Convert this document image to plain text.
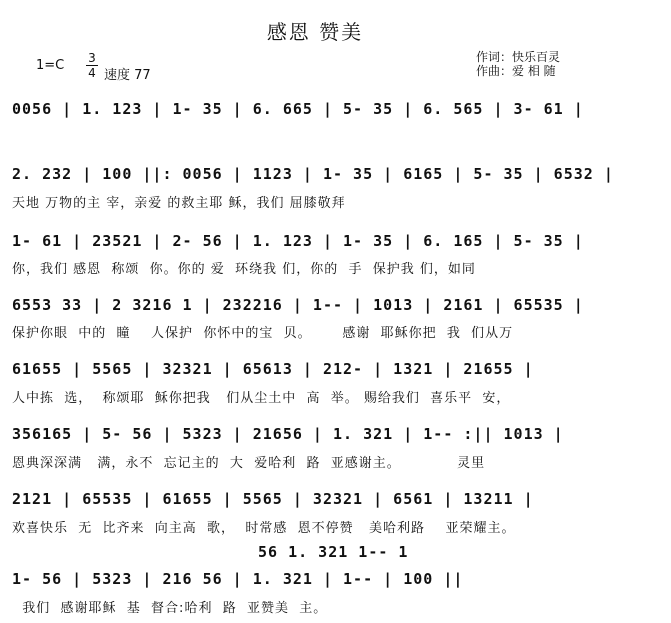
感恩 赞美
1=C 3
4 速度 77
作词：快乐百灵
作曲：爱 相 随
0056 | 1. 123 | 1- 35 | 6. 665 | 5- 35 | 6. 565 | 3- 61 |
2. 232 | 100 ||: 0056 | 1123 | 1- 35 | 6165 | 5- 35 | 6532 |
天地 万物的主 宰，亲爱 的救主耶 稣，我们 屈膝敬拜
1- 61 | 23521 | 2- 56 | 1. 123 | 1- 35 | 6. 165 | 5- 35 |
你，我们 感恩  称颂  你。你的 爱  环绕我 们，你的  手  保护我 们，如同
6553 33 | 2 3216 1 | 232216 | 1-- | 1013 | 2161 | 65535 |
保护你眼  中的  瞳    人保护  你怀中的宝  贝。      感谢  耶稣你把  我  们从万
61655 | 5565 | 32321 | 65613 | 212- | 1321 | 21655 |
人中拣  选，  称颂耶  稣你把我   们从尘土中  高  举。 赐给我们  喜乐平  安，
356165 | 5- 56 | 5323 | 21656 | 1. 321 | 1-- :|| 1013 |
恩典深深满   满，永不  忘记主的  大  爱哈利  路  亚感谢主。           灵里
2121 | 65535 | 61655 | 5565 | 32321 | 6561 | 13211 |
欢喜快乐  无  比齐来  向主高  歌，  时常感  恩不停赞   美哈利路    亚荣耀主。
56 1. 321 1-- 1
1- 56 | 5323 | 216 56 | 1. 321 | 1-- | 100 ||
我们  感谢耶稣  基  督合:哈利  路  亚赞美  主。
